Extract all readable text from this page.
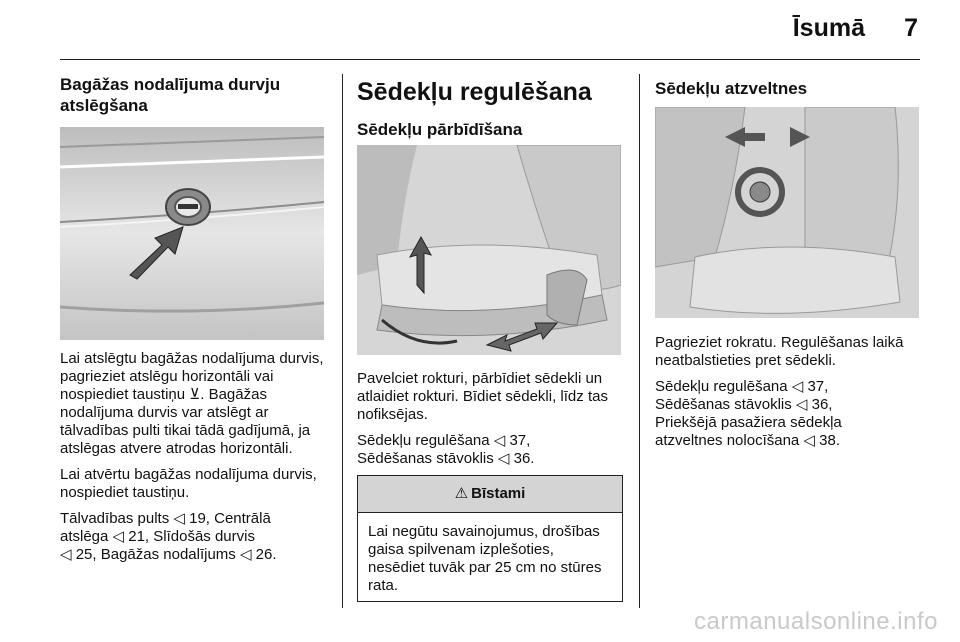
Īsumā 7
Bagāžas nodalījuma durvju atslēgšana

Lai atslēgtu bagāžas nodalījuma durvis, pagrieziet atslēgu horizontāli vai nospiediet taustiņu ⊻. Bagāžas nodalījuma durvis var atslēgt ar tālvadības pulti tikai tādā gadījumā, ja atslēgas atvere atrodas horizontāli.

Lai atvērtu bagāžas nodalījuma durvis, nospiediet taustiņu.

Tālvadības pults ◁ 19, Centrālā
atslēga ◁ 21, Slīdošās durvis
◁ 25, Bagāžas nodalījums ◁ 26.

Sēdekļu regulēšana
Sēdekļu pārbīdīšana

Pavelciet rokturi, pārbīdiet sēdekli un atlaidiet rokturi. Bīdiet sēdekli, līdz tas nofiksējas.

Sēdekļu regulēšana ◁ 37,
Sēdēšanas stāvoklis ◁ 36.

⚠ Bīstami
Lai negūtu savainojumus, drošības gaisa spilvenam izplešoties, nesēdiet tuvāk par 25 cm no stūres rata.
Sēdekļu atzveltnes

Pagrieziet rokratu. Regulēšanas laikā neatbalstieties pret sēdekli.

Sēdekļu regulēšana ◁ 37,
Sēdēšanas stāvoklis ◁ 36,
Priekšējā pasažiera sēdekļa
atzveltnes nolocīšana ◁ 38.

carmanualsonline.info
